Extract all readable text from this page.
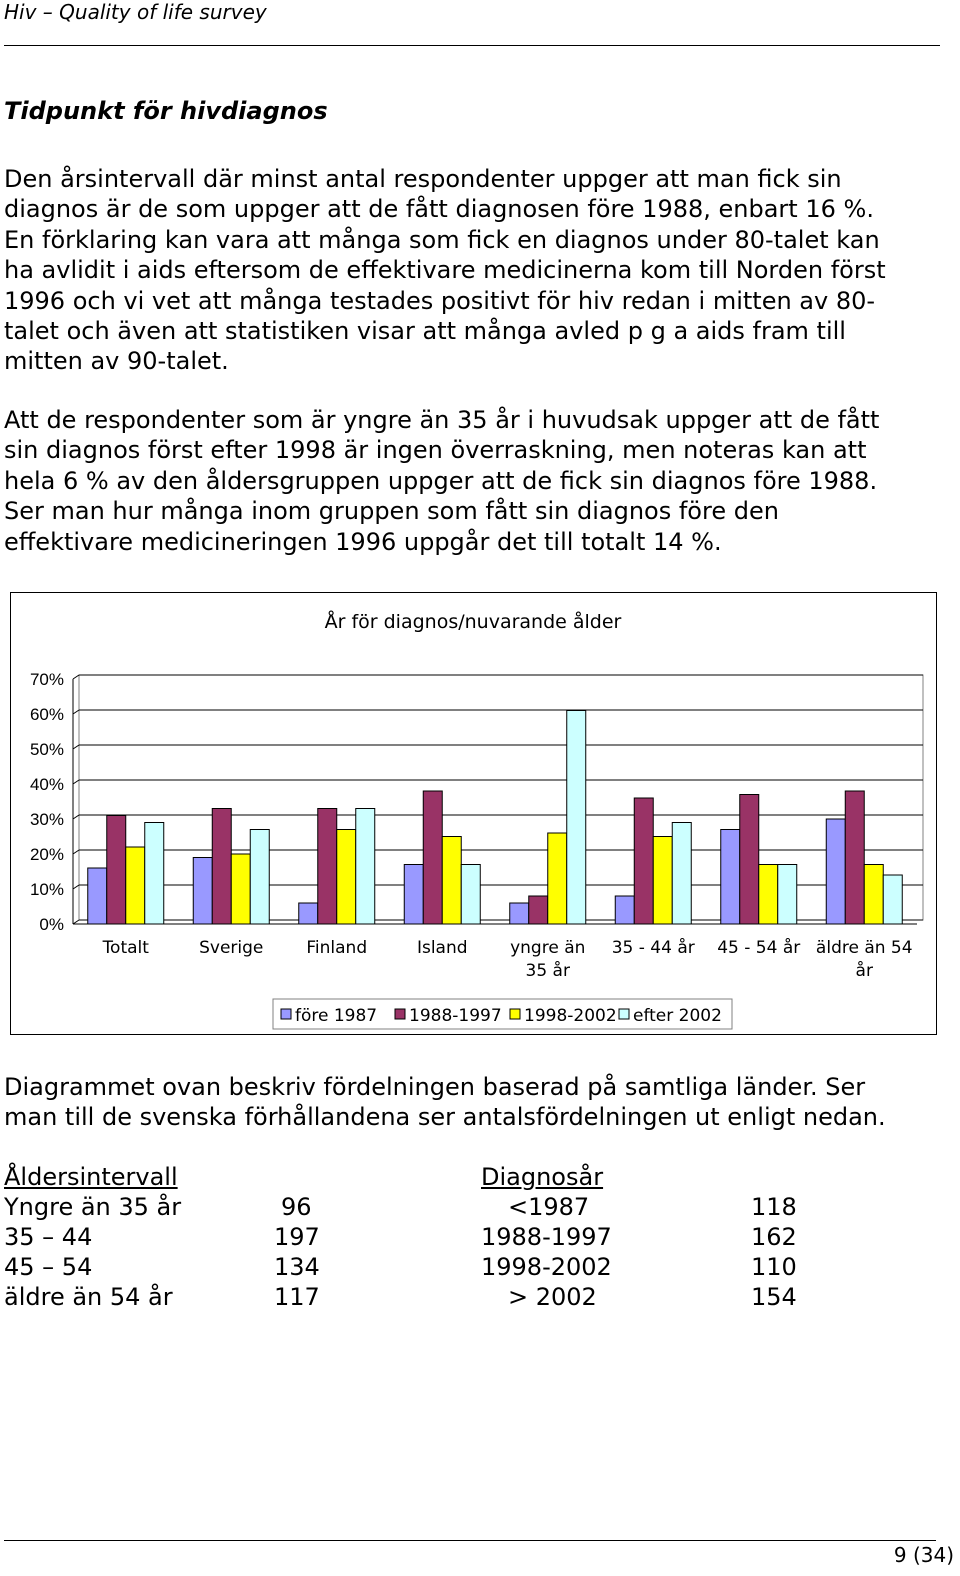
Hiv – Quality of life survey
Tidpunkt för hivdiagnos
Den årsintervall där minst antal respondenter uppger att man fick sin
diagnos är de som uppger att de fått diagnosen före 1988, enbart 16 %.
En förklaring kan vara att många som fick en diagnos under 80-talet kan
ha avlidit i aids eftersom de effektivare medicinerna kom till Norden först
1996 och vi vet att många testades positivt för hiv redan i mitten av 80-
talet och även att statistiken visar att många avled p g a aids fram till
mitten av 90-talet.
Att de respondenter som är yngre än 35 år i huvudsak uppger att de fått
sin diagnos först efter 1998 är ingen överraskning, men noteras kan att
hela 6 % av den åldersgruppen uppger att de fick sin diagnos före 1988.
Ser man hur många inom gruppen som fått sin diagnos före den
effektivare medicineringen 1996 uppgår det till totalt 14 %.
År för diagnos/nuvarande ålder
0%
10%
20%
30%
40%
50%
60%
70%
Totalt	Sverige	Finland	Island	yngre än
35 år
35 - 44 år 45 - 54 år äldre än 54
år
före 1987 1988-1997 1998-2002 efter 2002
Diagrammet ovan beskriv fördelningen baserad på samtliga länder. Ser
man till de svenska förhållandena ser antalsfördelningen ut enligt nedan.
Åldersintervall	Diagnosår
Yngre än 35 år	96	<1987	118
35 – 44	197	1988-1997	162
45 – 54	134	1998-2002	110
äldre än 54 år	117	> 2002	154
9 (34)
